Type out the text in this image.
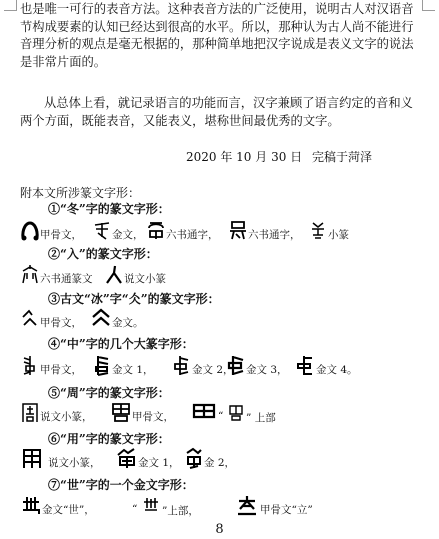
也是唯一可行的表音方法。这种表音方法的广泛使用，说明古人对汉语音节构成要素的认知已经达到很高的水平。所以，那种认为古人尚不能进行音理分析的观点是毫无根据的，那种简单地把汉字说成是表义文字的说法是非常片面的。

从总体上看，就记录语言的功能而言，汉字兼顾了语言约定的音和义两个方面，既能表音，又能表义，堪称世间最优秀的文字。

2020 年 10 月 30 日 完稿于菏泽
附本文所涉篆文字形：
①“冬”字的篆文字形：
甲骨文，	金文， 六书通字，	六书通字，	小篆
②“入”的篆文字形：
六书通篆文	说文小篆
③古文“冰”字“仌”的篆文字形：
甲骨文，	金文。
④“中”字的几个大篆字形：
甲骨文，	金文 1，	金文 2， 金文 3，	金文 4。
⑤“周”字的篆文字形：
说文小篆，	甲骨文，	“ ” 上部
⑥“用”字的篆文字形：
说文小篆，	金文 1， 金 2，
⑦“世”字的一个金文字形：
金文“世”，	“ ”上部，	甲骨文“立”
8
